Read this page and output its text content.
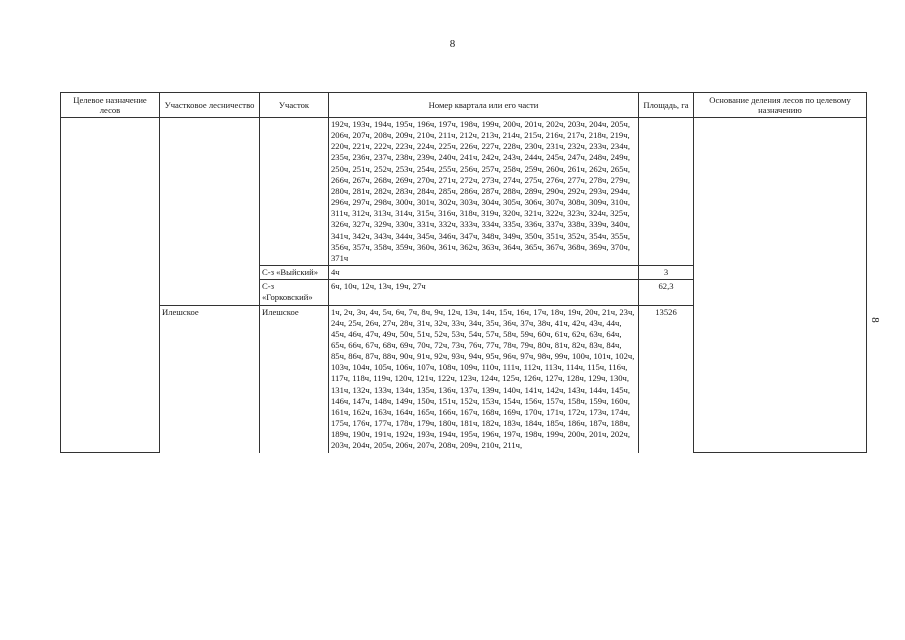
8
8
Целевое назначение лесов	Участковое лесничество	Участок	Номер квартала или его части	Площадь, га	Основание деления лесов по целевому назначению
			192ч, 193ч, 194ч, 195ч, 196ч, 197ч, 198ч, 199ч, 200ч, 201ч, 202ч, 203ч, 204ч, 205ч, 206ч, 207ч, 208ч, 209ч, 210ч, 211ч, 212ч, 213ч, 214ч, 215ч, 216ч, 217ч, 218ч, 219ч, 220ч, 221ч, 222ч, 223ч, 224ч, 225ч, 226ч, 227ч, 228ч, 230ч, 231ч, 232ч, 233ч, 234ч, 235ч, 236ч, 237ч, 238ч, 239ч, 240ч, 241ч, 242ч, 243ч, 244ч, 245ч, 247ч, 248ч, 249ч, 250ч, 251ч, 252ч, 253ч, 254ч, 255ч, 256ч, 257ч, 258ч, 259ч, 260ч, 261ч, 262ч, 265ч, 266ч, 267ч, 268ч, 269ч, 270ч, 271ч, 272ч, 273ч, 274ч, 275ч, 276ч, 277ч, 278ч, 279ч, 280ч, 281ч, 282ч, 283ч, 284ч, 285ч, 286ч, 287ч, 288ч, 289ч, 290ч, 292ч, 293ч, 294ч, 296ч, 297ч, 298ч, 300ч, 301ч, 302ч, 303ч, 304ч, 305ч, 306ч, 307ч, 308ч, 309ч, 310ч, 311ч, 312ч, 313ч, 314ч, 315ч, 316ч, 318ч, 319ч, 320ч, 321ч, 322ч, 323ч, 324ч, 325ч, 326ч, 327ч, 329ч, 330ч, 331ч, 332ч, 333ч, 334ч, 335ч, 336ч, 337ч, 338ч, 339ч, 340ч, 341ч, 342ч, 343ч, 344ч, 345ч, 346ч, 347ч, 348ч, 349ч, 350ч, 351ч, 352ч, 354ч, 355ч, 356ч, 357ч, 358ч, 359ч, 360ч, 361ч, 362ч, 363ч, 364ч, 365ч, 367ч, 368ч, 369ч, 370ч, 371ч		
		С-з «Выйский»	4ч	3	
		С-з «Горковский»	6ч, 10ч, 12ч, 13ч, 19ч, 27ч	62,3	
	Илешское	Илешское	1ч, 2ч, 3ч, 4ч, 5ч, 6ч, 7ч, 8ч, 9ч, 12ч, 13ч, 14ч, 15ч, 16ч, 17ч, 18ч, 19ч, 20ч, 21ч, 23ч, 24ч, 25ч, 26ч, 27ч, 28ч, 31ч, 32ч, 33ч, 34ч, 35ч, 36ч, 37ч, 38ч, 41ч, 42ч, 43ч, 44ч, 45ч, 46ч, 47ч, 49ч, 50ч, 51ч, 52ч, 53ч, 54ч, 57ч, 58ч, 59ч, 60ч, 61ч, 62ч, 63ч, 64ч, 65ч, 66ч, 67ч, 68ч, 69ч, 70ч, 72ч, 73ч, 76ч, 77ч, 78ч, 79ч, 80ч, 81ч, 82ч, 83ч, 84ч, 85ч, 86ч, 87ч, 88ч, 90ч, 91ч, 92ч, 93ч, 94ч, 95ч, 96ч, 97ч, 98ч, 99ч, 100ч, 101ч, 102ч, 103ч, 104ч, 105ч, 106ч, 107ч, 108ч, 109ч, 110ч, 111ч, 112ч, 113ч, 114ч, 115ч, 116ч, 117ч, 118ч, 119ч, 120ч, 121ч, 122ч, 123ч, 124ч, 125ч, 126ч, 127ч, 128ч, 129ч, 130ч, 131ч, 132ч, 133ч, 134ч, 135ч, 136ч, 137ч, 139ч, 140ч, 141ч, 142ч, 143ч, 144ч, 145ч, 146ч, 147ч, 148ч, 149ч, 150ч, 151ч, 152ч, 153ч, 154ч, 156ч, 157ч, 158ч, 159ч, 160ч, 161ч, 162ч, 163ч, 164ч, 165ч, 166ч, 167ч, 168ч, 169ч, 170ч, 171ч, 172ч, 173ч, 174ч, 175ч, 176ч, 177ч, 178ч, 179ч, 180ч, 181ч, 182ч, 183ч, 184ч, 185ч, 186ч, 187ч, 188ч, 189ч, 190ч, 191ч, 192ч, 193ч, 194ч, 195ч, 196ч, 197ч, 198ч, 199ч, 200ч, 201ч, 202ч, 203ч, 204ч, 205ч, 206ч, 207ч, 208ч, 209ч, 210ч, 211ч,	13526	
